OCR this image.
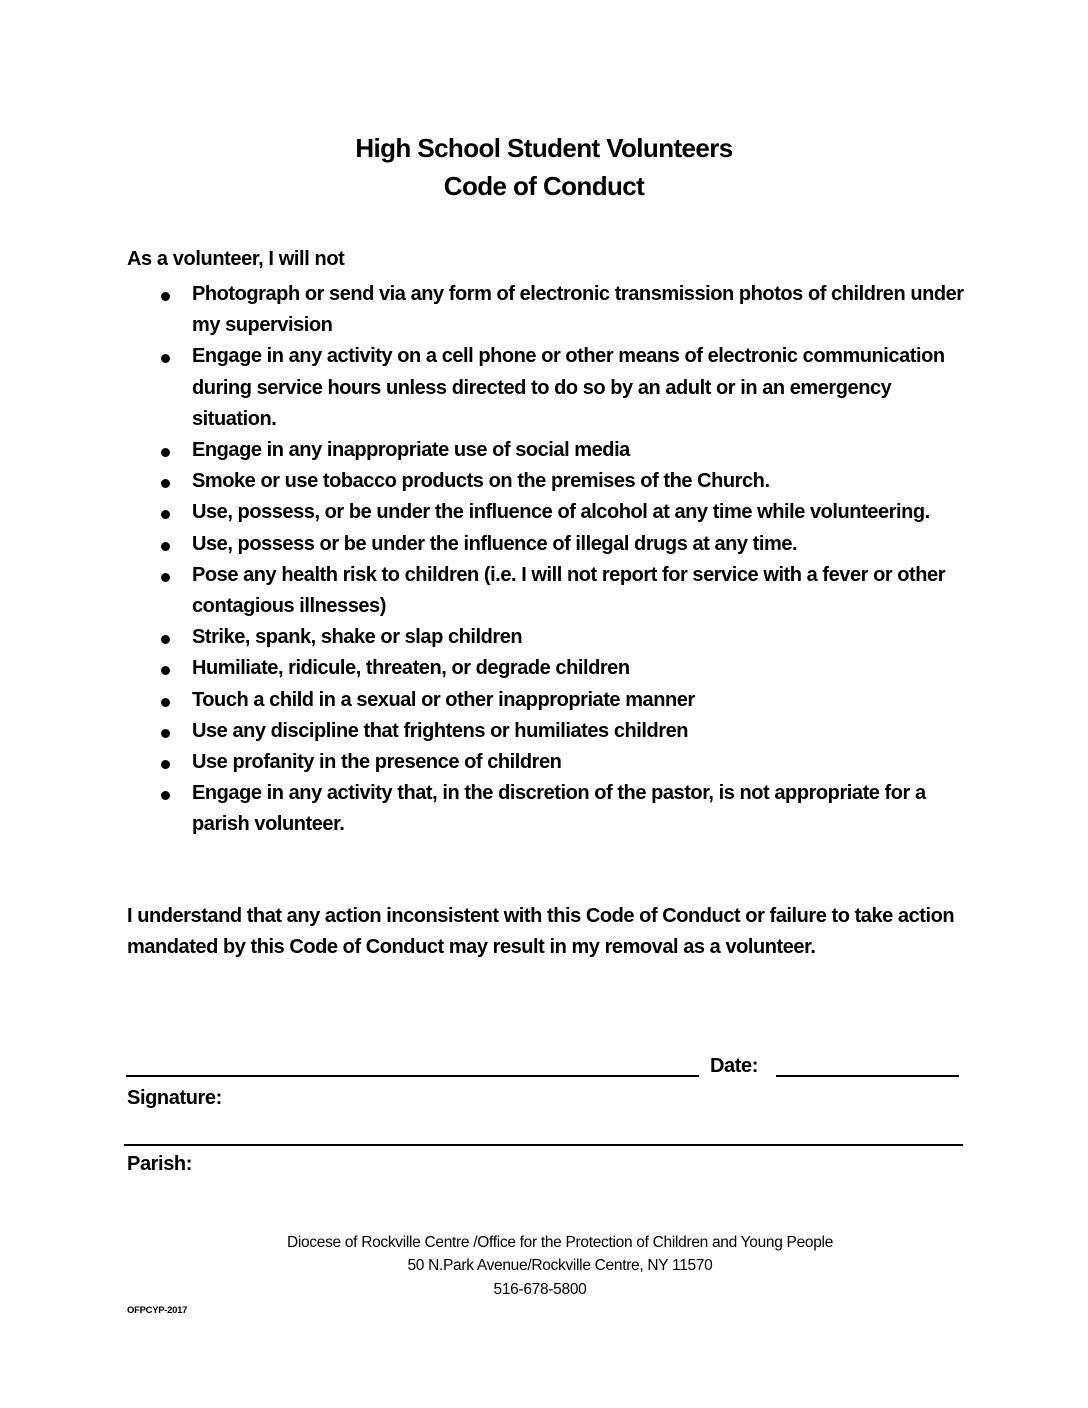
High School Student Volunteers
Code of Conduct
As a volunteer, I will not
Photograph or send via any form of electronic transmission photos of children under my supervision
Engage in any activity on a cell phone or other means of electronic communication during service hours unless directed to do so by an adult or in an emergency situation.
Engage in any inappropriate use of social media
Smoke or use tobacco products on the premises of the Church.
Use, possess, or be under the influence of alcohol at any time while volunteering.
Use, possess or be under the influence of illegal drugs at any time.
Pose any health risk to children (i.e. I will not report for service with a fever or other contagious illnesses)
Strike, spank, shake or slap children
Humiliate, ridicule, threaten, or degrade children
Touch a child in a sexual or other inappropriate manner
Use any discipline that frightens or humiliates children
Use profanity in the presence of children
Engage in any activity that, in the discretion of the pastor, is not appropriate for a parish volunteer.
I understand that any action inconsistent with this Code of Conduct or failure to take action mandated by this Code of Conduct may result in my removal as a volunteer.
Date:
Signature:
Parish:
Diocese of Rockville Centre /Office for the Protection of Children and Young People
50 N.Park Avenue/Rockville Centre, NY 11570
516-678-5800
OFPCYP-2017
